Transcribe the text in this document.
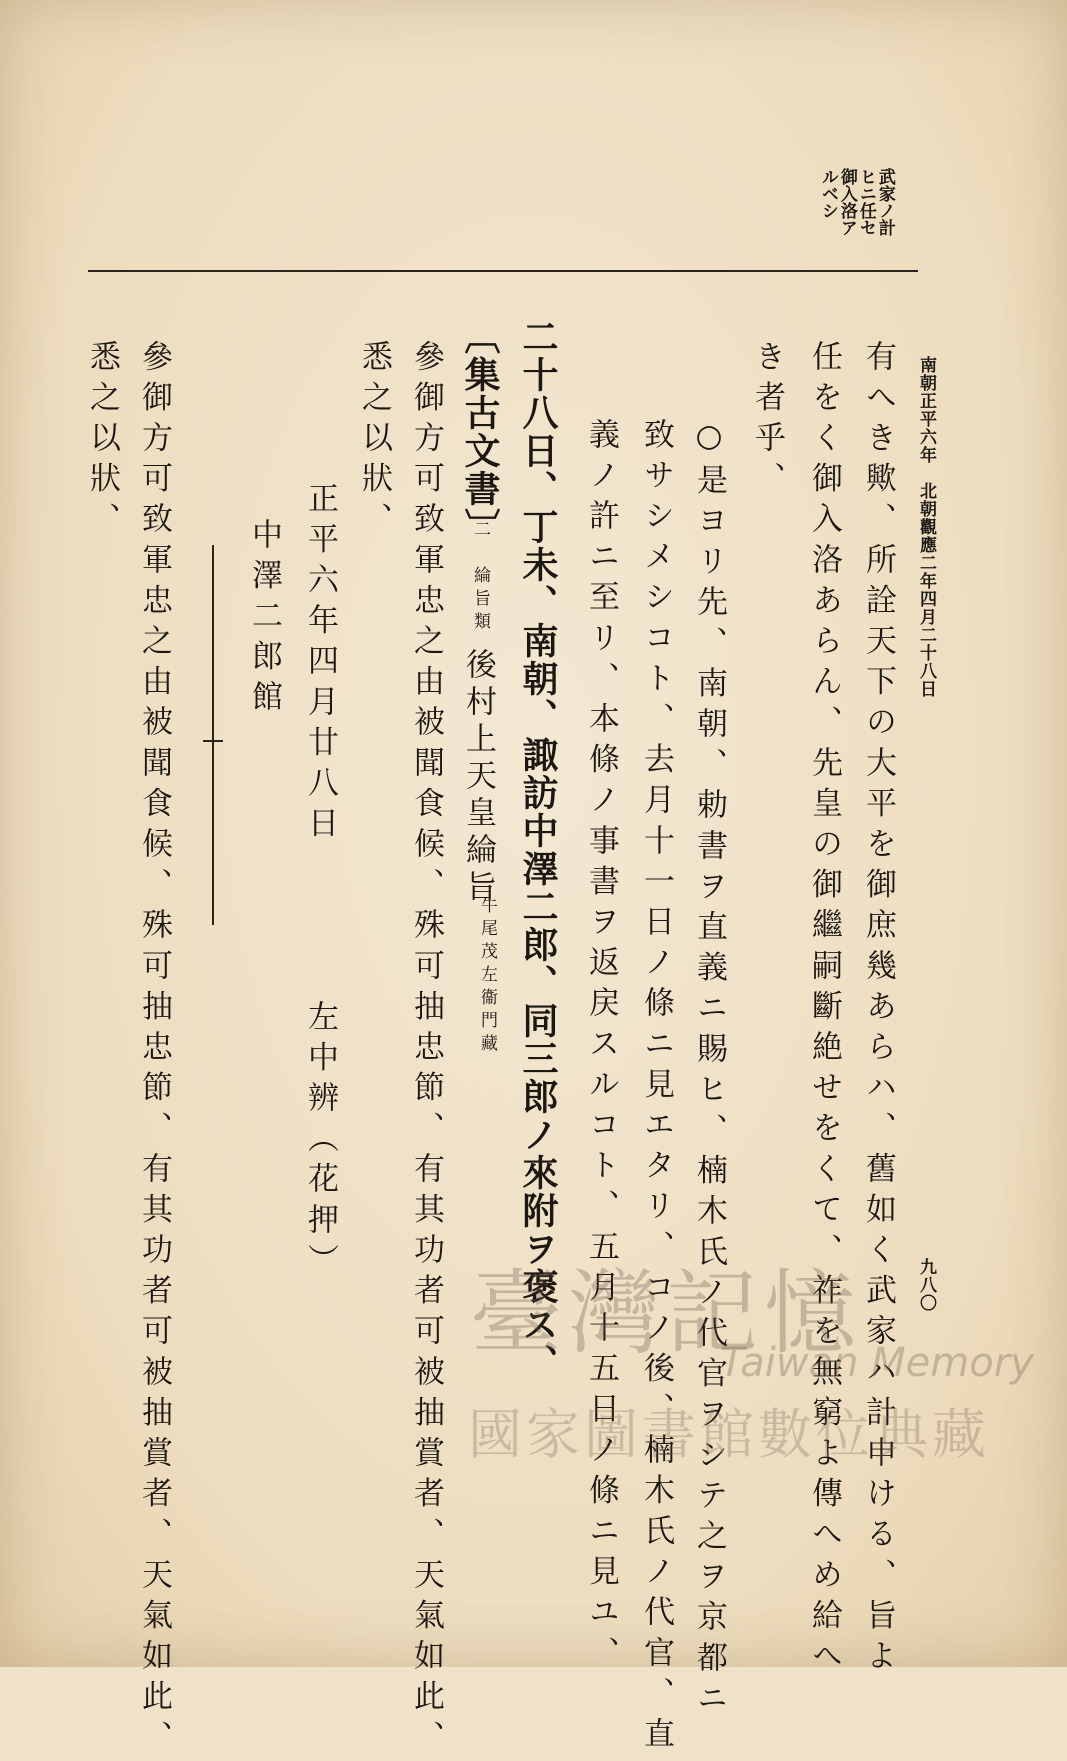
武家ノ計
ヒニ任セ
御入洛ア
ルベシ
南朝正平六年　北朝觀應二年四月二十八日
九八〇
有へき歟、所詮天下の大平を御庶幾あらハ、舊如く武家ハ計申ける、旨よ
任をく御入洛あらん、先皇の御繼嗣斷絶せをくて、祚を無窮よ傳へめ給へ
き者乎、
○是ヨリ先、南朝、勅書ヲ直義ニ賜ヒ、楠木氏ノ代官ヲシテ之ヲ京都ニ
致サシメシコト、去月十一日ノ條ニ見エタリ、コノ後、楠木氏ノ代官、直
義ノ許ニ至リ、本條ノ事書ヲ返戻スルコト、五月十五日ノ條ニ見ユ、
二十八日、丁未、南朝、諏訪中澤二郎、同三郎ノ來附ヲ褒ス、
〔集古文書〕
二　綸旨類
後村上天皇綸旨
牛尾茂左衞門藏
參御方可致軍忠之由被聞食候、殊可抽忠節、有其功者可被抽賞者、天氣如此、
悉之以狀、
正平六年四月廿八日
左中辨（花押）
中澤二郎館
參御方可致軍忠之由被聞食候、殊可抽忠節、有其功者可被抽賞者、天氣如此、
悉之以狀、
臺灣記憶
Taiwan Memory
國家圖書館數位典藏
